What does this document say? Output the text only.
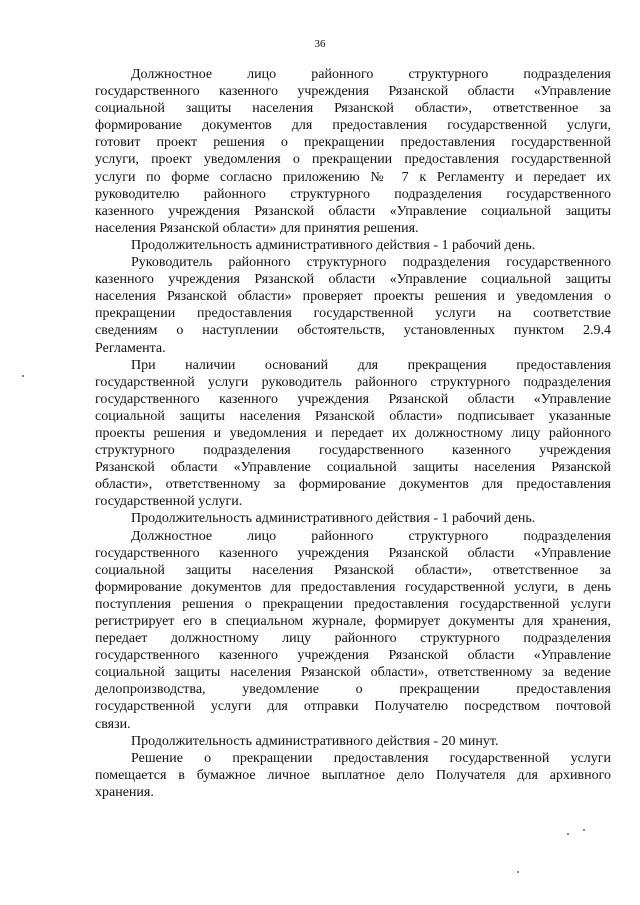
36
Должностное лицо районного структурного подразделения
государственного казенного учреждения Рязанской области «Управление
социальной защиты населения Рязанской области», ответственное за
формирование документов для предоставления государственной услуги,
готовит проект решения о прекращении предоставления государственной
услуги, проект уведомления о прекращении предоставления государственной
услуги по форме согласно приложению № 7 к Регламенту и передает их
руководителю районного структурного подразделения государственного
казенного учреждения Рязанской области «Управление социальной защиты
населения Рязанской области» для принятия решения.
Продолжительность административного действия - 1 рабочий день.
Руководитель районного структурного подразделения государственного
казенного учреждения Рязанской области «Управление социальной защиты
населения Рязанской области» проверяет проекты решения и уведомления о
прекращении предоставления государственной услуги на соответствие
сведениям о наступлении обстоятельств, установленных пунктом 2.9.4
Регламента.
При наличии оснований для прекращения предоставления
государственной услуги руководитель районного структурного подразделения
государственного казенного учреждения Рязанской области «Управление
социальной защиты населения Рязанской области» подписывает указанные
проекты решения и уведомления и передает их должностному лицу районного
структурного подразделения государственного казенного учреждения
Рязанской области «Управление социальной защиты населения Рязанской
области», ответственному за формирование документов для предоставления
государственной услуги.
Продолжительность административного действия - 1 рабочий день.
Должностное лицо районного структурного подразделения
государственного казенного учреждения Рязанской области «Управление
социальной защиты населения Рязанской области», ответственное за
формирование документов для предоставления государственной услуги, в день
поступления решения о прекращении предоставления государственной услуги
регистрирует его в специальном журнале, формирует документы для хранения,
передает должностному лицу районного структурного подразделения
государственного казенного учреждения Рязанской области «Управление
социальной защиты населения Рязанской области», ответственному за ведение
делопроизводства, уведомление о прекращении предоставления
государственной услуги для отправки Получателю посредством почтовой
связи.
Продолжительность административного действия - 20 минут.
Решение о прекращении предоставления государственной услуги
помещается в бумажное личное выплатное дело Получателя для архивного
хранения.
